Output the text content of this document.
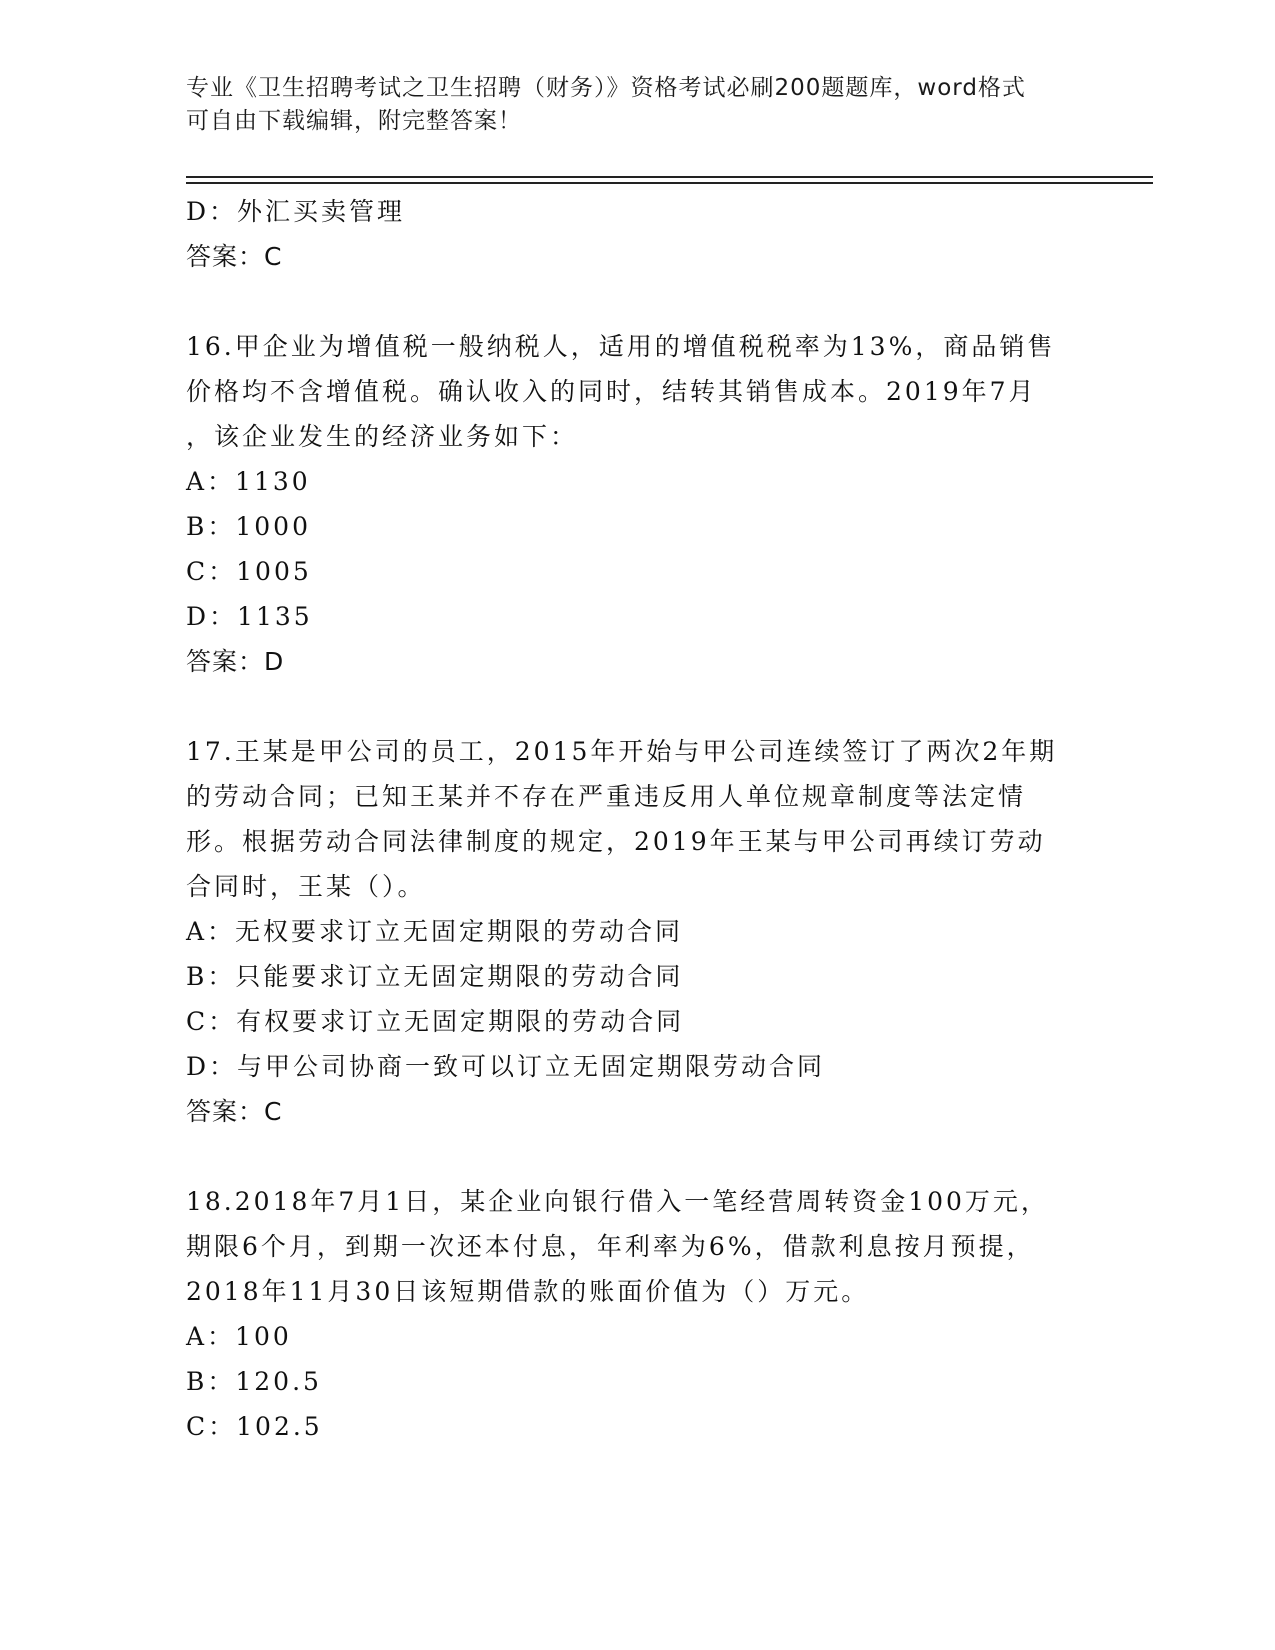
专业《卫生招聘考试之卫生招聘（财务）》资格考试必刷200题题库，word格式
可自由下载编辑，附完整答案！
D：外汇买卖管理
答案：C
16.甲企业为增值税一般纳税人，适用的增值税税率为13%，商品销售
价格均不含增值税。确认收入的同时，结转其销售成本。2019年7月
，该企业发生的经济业务如下：
A：1130
B：1000
C：1005
D：1135
答案：D
17.王某是甲公司的员工，2015年开始与甲公司连续签订了两次2年期
的劳动合同；已知王某并不存在严重违反用人单位规章制度等法定情
形。根据劳动合同法律制度的规定，2019年王某与甲公司再续订劳动
合同时，王某（）。
A：无权要求订立无固定期限的劳动合同
B：只能要求订立无固定期限的劳动合同
C：有权要求订立无固定期限的劳动合同
D：与甲公司协商一致可以订立无固定期限劳动合同
答案：C
18.2018年7月1日，某企业向银行借入一笔经营周转资金100万元，
期限6个月，到期一次还本付息，年利率为6%，借款利息按月预提，
2018年11月30日该短期借款的账面价值为（）万元。
A：100
B：120.5
C：102.5
